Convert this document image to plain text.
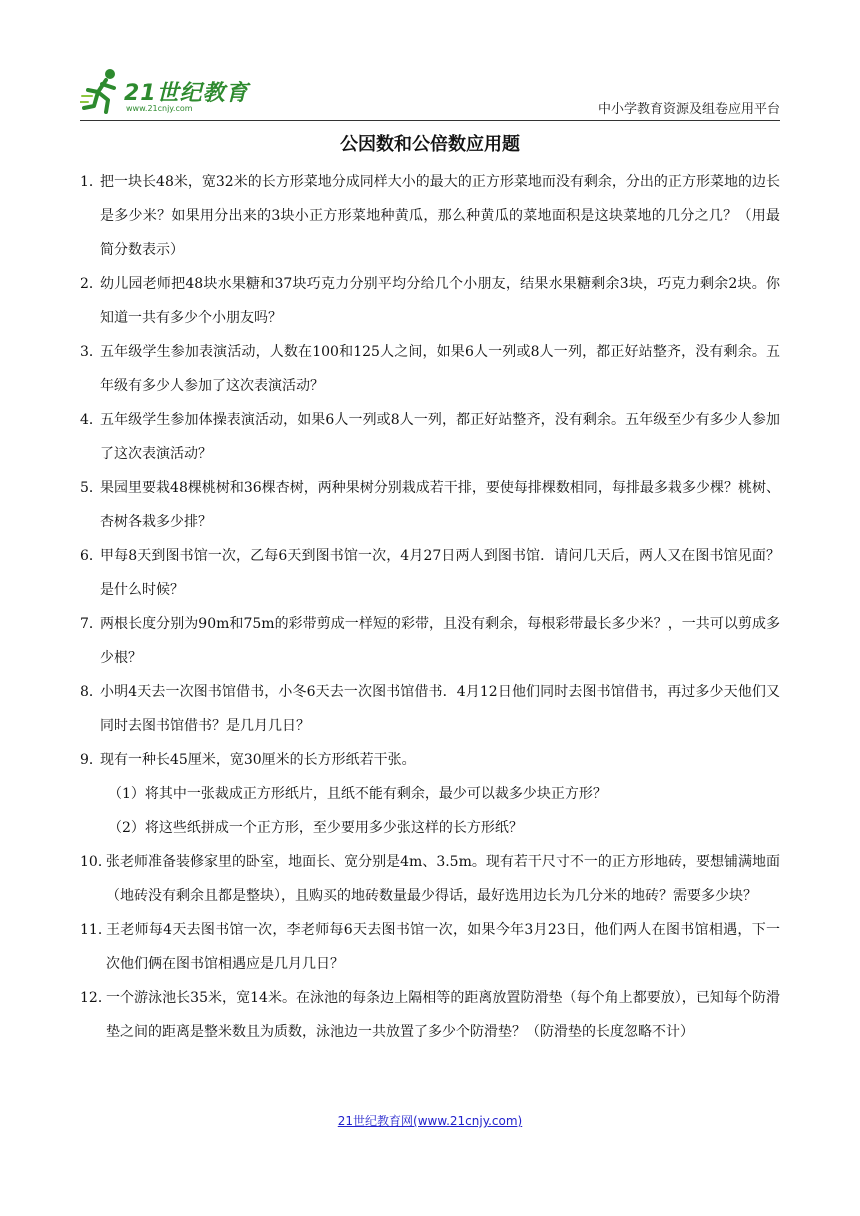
21世纪教育
www.21cnjy.com	中小学教育资源及组卷应用平台
公因数和公倍数应用题
1．
把一块长48米，宽32米的长方形菜地分成同样大小的最大的正方形菜地而没有剩余，分出的正方形菜地的边长是多少米？如果用分出来的3块小正方形菜地种黄瓜，那么种黄瓜的菜地面积是这块菜地的几分之几？（用最简分数表示）
2．
幼儿园老师把48块水果糖和37块巧克力分别平均分给几个小朋友，结果水果糖剩余3块，巧克力剩余2块。你知道一共有多少个小朋友吗？
3．
五年级学生参加表演活动，人数在100和125人之间，如果6人一列或8人一列，都正好站整齐，没有剩余。五年级有多少人参加了这次表演活动？
4．
五年级学生参加体操表演活动，如果6人一列或8人一列，都正好站整齐，没有剩余。五年级至少有多少人参加了这次表演活动？
5．
果园里要栽48棵桃树和36棵杏树，两种果树分别栽成若干排，要使每排棵数相同，每排最多栽多少棵？桃树、杏树各栽多少排？
6．
甲每8天到图书馆一次，乙每6天到图书馆一次，4月27日两人到图书馆．请问几天后，两人又在图书馆见面？是什么时候？
7．
两根长度分别为90m和75m的彩带剪成一样短的彩带，且没有剩余，每根彩带最长多少米？，一共可以剪成多少根？
8．
小明4天去一次图书馆借书，小冬6天去一次图书馆借书．4月12日他们同时去图书馆借书，再过多少天他们又同时去图书馆借书？是几月几日？
9．
现有一种长45厘米，宽30厘米的长方形纸若干张。
（1）将其中一张裁成正方形纸片，且纸不能有剩余，最少可以裁多少块正方形？
（2）将这些纸拼成一个正方形，至少要用多少张这样的长方形纸？
10．
张老师准备装修家里的卧室，地面长、宽分别是4m、3.5m。现有若干尺寸不一的正方形地砖，要想铺满地面（地砖没有剩余且都是整块），且购买的地砖数量最少得话，最好选用边长为几分米的地砖？需要多少块？
11．
王老师每4天去图书馆一次，李老师每6天去图书馆一次，如果今年3月23日，他们两人在图书馆相遇，下一次他们俩在图书馆相遇应是几月几日？
12．
一个游泳池长35米，宽14米。在泳池的每条边上隔相等的距离放置防滑垫（每个角上都要放），已知每个防滑垫之间的距离是整米数且为质数，泳池边一共放置了多少个防滑垫？（防滑垫的长度忽略不计）
21世纪教育网(www.21cnjy.com)
